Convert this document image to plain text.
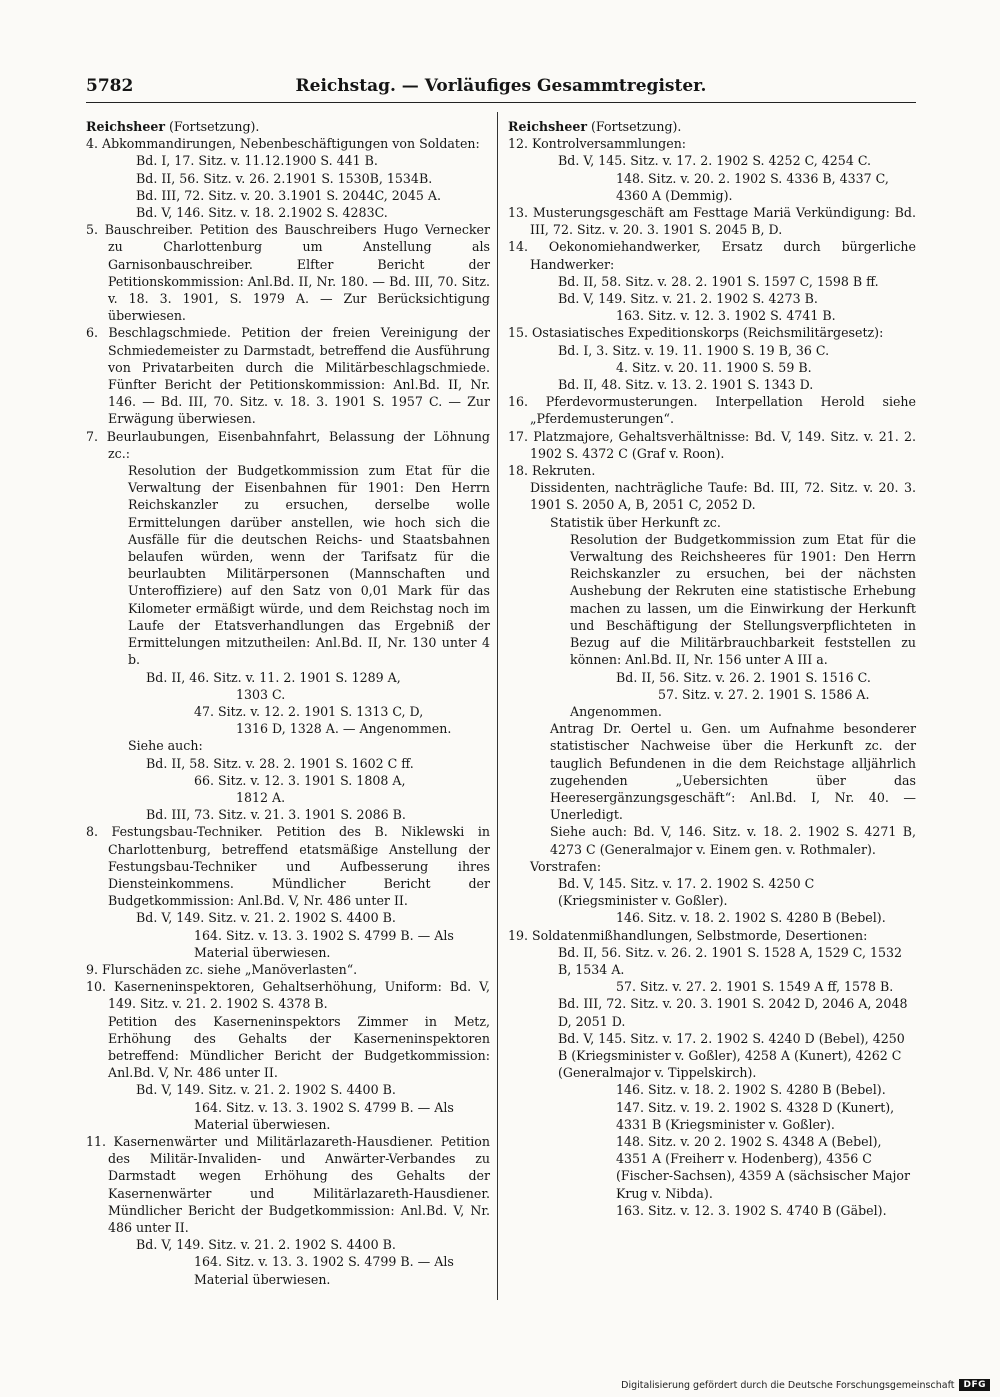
5782	Reichstag. — Vorläufiges Gesammtregister.

Reichsheer (Fortsetzung).

4. Abkommandirungen, Nebenbeschäftigungen von Soldaten:

Bd. I, 17. Sitz. v. 11.12.1900 S. 441 B.

Bd. II, 56. Sitz. v. 26. 2.1901 S. 1530B, 1534B.

Bd. III, 72. Sitz. v. 20. 3.1901 S. 2044C, 2045 A.

Bd. V, 146. Sitz. v. 18. 2.1902 S. 4283C.

5. Bauschreiber. Petition des Bauschreibers Hugo Vernecker zu Charlottenburg um Anstellung als Garnisonbauschreiber. Elfter Bericht der Petitionskommission: Anl.Bd. II, Nr. 180. — Bd. III, 70. Sitz. v. 18. 3. 1901, S. 1979 A. — Zur Berücksichtigung überwiesen.

6. Beschlagschmiede. Petition der freien Vereinigung der Schmiedemeister zu Darmstadt, betreffend die Ausführung von Privatarbeiten durch die Militärbeschlagschmiede. Fünfter Bericht der Petitionskommission: Anl.Bd. II, Nr. 146. — Bd. III, 70. Sitz. v. 18. 3. 1901 S. 1957 C. — Zur Erwägung überwiesen.

7. Beurlaubungen, Eisenbahnfahrt, Belassung der Löhnung zc.:

Resolution der Budgetkommission zum Etat für die Verwaltung der Eisenbahnen für 1901: Den Herrn Reichskanzler zu ersuchen, derselbe wolle Ermittelungen darüber anstellen, wie hoch sich die Ausfälle für die deutschen Reichs- und Staatsbahnen belaufen würden, wenn der Tarifsatz für die beurlaubten Militärpersonen (Mannschaften und Unteroffiziere) auf den Satz von 0,01 Mark für das Kilometer ermäßigt würde, und dem Reichstag noch im Laufe der Etatsverhandlungen das Ergebniß der Ermittelungen mitzutheilen: Anl.Bd. II, Nr. 130 unter 4 b.

Bd. II, 46. Sitz. v. 11. 2. 1901 S. 1289 A,

1303 C.

47. Sitz. v. 12. 2. 1901 S. 1313 C, D,

1316 D, 1328 A. — Angenommen.

Siehe auch:

Bd. II, 58. Sitz. v. 28. 2. 1901 S. 1602 C ff.

66. Sitz. v. 12. 3. 1901 S. 1808 A,

1812 A.

Bd. III, 73. Sitz. v. 21. 3. 1901 S. 2086 B.

8. Festungsbau-Techniker. Petition des B. Niklewski in Charlottenburg, betreffend etatsmäßige Anstellung der Festungsbau-Techniker und Aufbesserung ihres Diensteinkommens. Mündlicher Bericht der Budgetkommission: Anl.Bd. V, Nr. 486 unter II.

Bd. V, 149. Sitz. v. 21. 2. 1902 S. 4400 B.

164. Sitz. v. 13. 3. 1902 S. 4799 B. — Als Material überwiesen.

9. Flurschäden zc. siehe „Manöverlasten“.

10. Kaserneninspektoren, Gehaltserhöhung, Uniform: Bd. V, 149. Sitz. v. 21. 2. 1902 S. 4378 B.

Petition des Kaserneninspektors Zimmer in Metz, Erhöhung des Gehalts der Kaserneninspektoren betreffend: Mündlicher Bericht der Budgetkommission: Anl.Bd. V, Nr. 486 unter II.

Bd. V, 149. Sitz. v. 21. 2. 1902 S. 4400 B.

164. Sitz. v. 13. 3. 1902 S. 4799 B. — Als Material überwiesen.

11. Kasernenwärter und Militärlazareth-Hausdiener. Petition des Militär-Invaliden- und Anwärter-Verbandes zu Darmstadt wegen Erhöhung des Gehalts der Kasernenwärter und Militärlazareth-Hausdiener. Mündlicher Bericht der Budgetkommission: Anl.Bd. V, Nr. 486 unter II.

Bd. V, 149. Sitz. v. 21. 2. 1902 S. 4400 B.

164. Sitz. v. 13. 3. 1902 S. 4799 B. — Als Material überwiesen.

Reichsheer (Fortsetzung).

12. Kontrolversammlungen:

Bd. V, 145. Sitz. v. 17. 2. 1902 S. 4252 C, 4254 C.

148. Sitz. v. 20. 2. 1902 S. 4336 B, 4337 C, 4360 A (Demmig).

13. Musterungsgeschäft am Festtage Mariä Verkündigung: Bd. III, 72. Sitz. v. 20. 3. 1901 S. 2045 B, D.

14. Oekonomiehandwerker, Ersatz durch bürgerliche Handwerker:

Bd. II, 58. Sitz. v. 28. 2. 1901 S. 1597 C, 1598 B ff.

Bd. V, 149. Sitz. v. 21. 2. 1902 S. 4273 B.

163. Sitz. v. 12. 3. 1902 S. 4741 B.

15. Ostasiatisches Expeditionskorps (Reichsmilitärgesetz):

Bd. I, 3. Sitz. v. 19. 11. 1900 S. 19 B, 36 C.

4. Sitz. v. 20. 11. 1900 S. 59 B.

Bd. II, 48. Sitz. v. 13. 2. 1901 S. 1343 D.

16. Pferdevormusterungen. Interpellation Herold siehe „Pferdemusterungen“.

17. Platzmajore, Gehaltsverhältnisse: Bd. V, 149. Sitz. v. 21. 2. 1902 S. 4372 C (Graf v. Roon).

18. Rekruten.

Dissidenten, nachträgliche Taufe: Bd. III, 72. Sitz. v. 20. 3. 1901 S. 2050 A, B, 2051 C, 2052 D.

Statistik über Herkunft zc.

Resolution der Budgetkommission zum Etat für die Verwaltung des Reichsheeres für 1901: Den Herrn Reichskanzler zu ersuchen, bei der nächsten Aushebung der Rekruten eine statistische Erhebung machen zu lassen, um die Einwirkung der Herkunft und Beschäftigung der Stellungsverpflichteten in Bezug auf die Militärbrauchbarkeit feststellen zu können: Anl.Bd. II, Nr. 156 unter A III a.

Bd. II, 56. Sitz. v. 26. 2. 1901 S. 1516 C.

57. Sitz. v. 27. 2. 1901 S. 1586 A.

Angenommen.

Antrag Dr. Oertel u. Gen. um Aufnahme besonderer statistischer Nachweise über die Herkunft zc. der tauglich Befundenen in die dem Reichstage alljährlich zugehenden „Uebersichten über das Heeresergänzungsgeschäft“: Anl.Bd. I, Nr. 40. — Unerledigt.

Siehe auch: Bd. V, 146. Sitz. v. 18. 2. 1902 S. 4271 B, 4273 C (Generalmajor v. Einem gen. v. Rothmaler).

Vorstrafen:

Bd. V, 145. Sitz. v. 17. 2. 1902 S. 4250 C (Kriegsminister v. Goßler).

146. Sitz. v. 18. 2. 1902 S. 4280 B (Bebel).

19. Soldatenmißhandlungen, Selbstmorde, Desertionen:

Bd. II, 56. Sitz. v. 26. 2. 1901 S. 1528 A, 1529 C, 1532 B, 1534 A.

57. Sitz. v. 27. 2. 1901 S. 1549 A ff, 1578 B.

Bd. III, 72. Sitz. v. 20. 3. 1901 S. 2042 D, 2046 A, 2048 D, 2051 D.

Bd. V, 145. Sitz. v. 17. 2. 1902 S. 4240 D (Bebel), 4250 B (Kriegsminister v. Goßler), 4258 A (Kunert), 4262 C (Generalmajor v. Tippelskirch).

146. Sitz. v. 18. 2. 1902 S. 4280 B (Bebel).

147. Sitz. v. 19. 2. 1902 S. 4328 D (Kunert), 4331 B (Kriegsminister v. Goßler).

148. Sitz. v. 20 2. 1902 S. 4348 A (Bebel), 4351 A (Freiherr v. Hodenberg), 4356 C (Fischer-Sachsen), 4359 A (sächsischer Major Krug v. Nibda).

163. Sitz. v. 12. 3. 1902 S. 4740 B (Gäbel).

Digitalisierung gefördert durch die Deutsche Forschungsgemeinschaft	DFG
